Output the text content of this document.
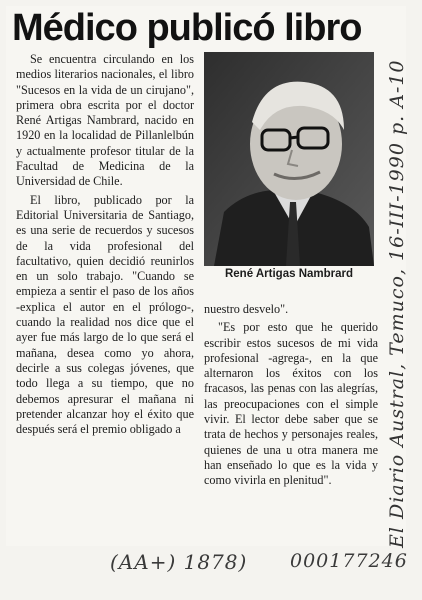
Médico publicó libro

Se encuentra circulando en los medios literarios nacionales, el libro "Sucesos en la vida de un cirujano", primera obra escrita por el doctor René Artigas Nambrard, nacido en 1920 en la localidad de Pillanlelbún y actualmente profesor titular de la Facultad de Medicina de la Universidad de Chile.

El libro, publicado por la Editorial Universitaria de Santiago, es una serie de recuerdos y sucesos de la vida profesional del facultativo, quien decidió reunirlos en un solo trabajo. "Cuando se empieza a sentir el paso de los años -explica el autor en el prólogo-, cuando la realidad nos dice que el ayer fue más largo de lo que será el mañana, desea como yo ahora, decirle a sus colegas jóvenes, que todo llega a su tiempo, que no debemos apresurar el mañana ni pretender alcanzar hoy el éxito que después será el premio obligado a

René Artigas Nambrard

nuestro desvelo".

"Es por esto que he querido escribir estos sucesos de mi vida profesional -agrega-, en la que alternaron los éxitos con los fracasos, las penas con las alegrías, las preocupaciones con el simple vivir. El lector debe saber que se trata de hechos y personajes reales, quienes de una u otra manera me han enseñado lo que es la vida y como vivirla en plenitud".	El Diario Austral, Temuco, 16-III-1990 p. A-10
(AA+) 1878) 000177246
